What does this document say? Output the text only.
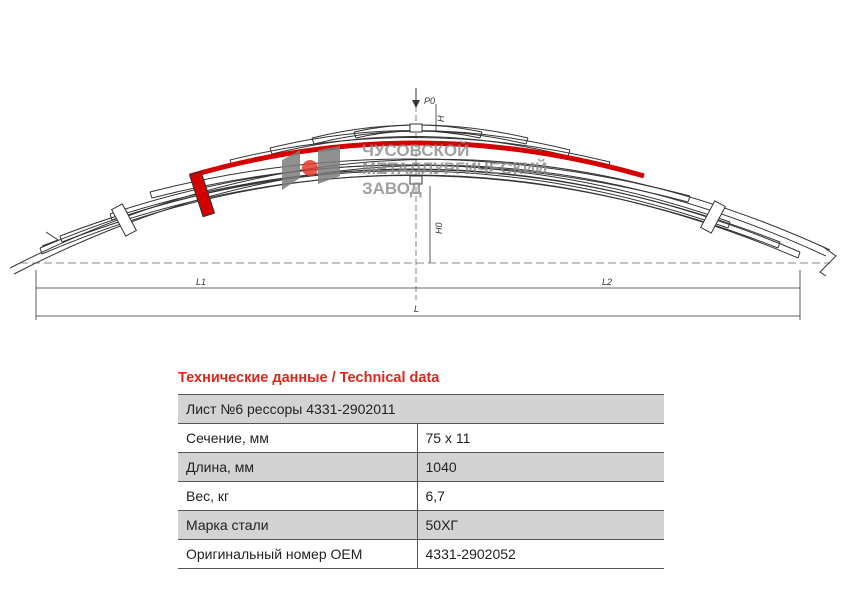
P0
H
H0
L1	L2
L
ЧУСОВСКОЙ
МЕТАЛЛУРГИЧЕСКИЙ
ЗАВОД
Технические данные / Technical data
Лист №6 рессоры 4331-2902011	
Сечение, мм	75 х 11
Длина, мм	1040
Вес, кг	6,7
Марка стали	50ХГ
Оригинальный номер OEM	4331-2902052
